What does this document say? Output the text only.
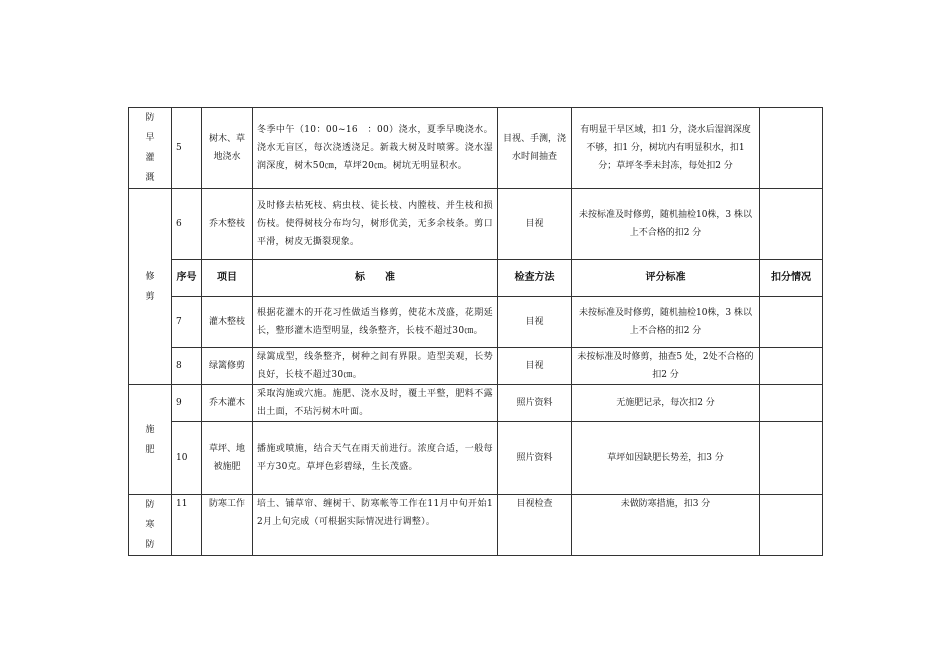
防早灌溉	5	树木、草地浇水	冬季中午（10：00~16　：00）浇水，夏季早晚浇水。浇水无盲区，每次浇透浇足。新栽大树及时喷雾。浇水湿润深度，树木50㎝，草坪20㎝。树坑无明显积水。	目视、手测，浇水时间抽查	有明显干旱区域，扣1 分，浇水后湿润深度不够，扣1 分，树坑内有明显积水，扣1 分；草坪冬季未封冻，每处扣2 分	
修剪	6	乔木整枝	及时修去枯死枝、病虫枝、徒长枝、内膛枝、并生枝和损伤枝。使得树枝分布均匀，树形优美，无多余枝条。剪口平滑，树皮无撕裂现象。	目视	未按标准及时修剪，随机抽检10株，3 株以上不合格的扣2 分	
	序号	项目	标　　准	检查方法	评分标准	扣分情况
	7	灌木整枝	根据花灌木的开花习性做适当修剪，使花木茂盛，花期延长，整形灌木造型明显，线条整齐，长枝不超过30㎝。	目视	未按标准及时修剪，随机抽检10株，3 株以上不合格的扣2 分	
	8	绿篱修剪	绿篱成型，线条整齐，树种之间有界限。造型美观，长势良好，长枝不超过30㎝。	目视	未按标准及时修剪，抽查5 处，2处不合格的扣2 分	
施肥	9	乔木灌木	采取沟施或穴施。施肥、浇水及时，覆土平整，肥料不露出土面，不玷污树木叶面。	照片资料	无施肥记录，每次扣2 分	
	10	草坪、地被施肥	播施或喷施，结合天气在雨天前进行。浓度合适，一般每平方30克。草坪色彩碧绿，生长茂盛。	照片资料	草坪如因缺肥长势差，扣3 分	
防寒防	11	防寒工作	培土、铺草帘、缠树干、防寒帐等工作在11月中旬开始12月上旬完成（可根据实际情况进行调整）。	目视检查	未做防寒措施，扣3 分	
